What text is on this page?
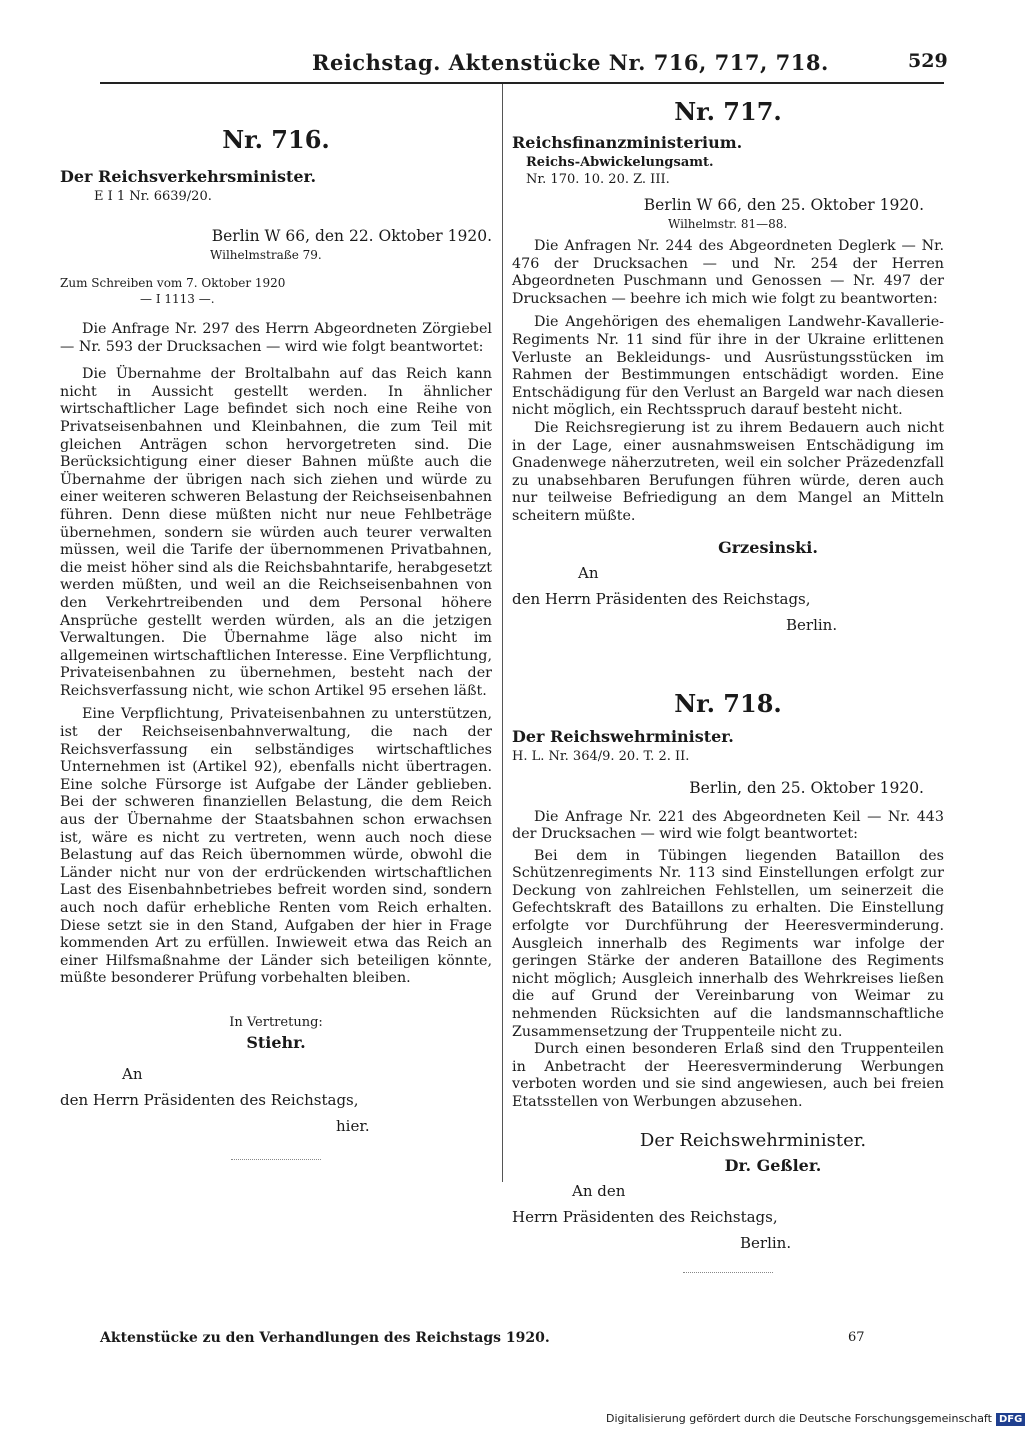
Reichstag. Aktenstücke Nr. 716, 717, 718.	529
Nr. 716.
Der Reichsverkehrsminister.
E I 1 Nr. 6639/20.
Berlin W 66, den 22. Oktober 1920.
Wilhelmstraße 79.
Zum Schreiben vom 7. Oktober 1920
— I 1113 —.

Die Anfrage Nr. 297 des Herrn Abgeordneten Zörgiebel — Nr. 593 der Drucksachen — wird wie folgt beantwortet:

Die Übernahme der Broltalbahn auf das Reich kann nicht in Aussicht gestellt werden. In ähnlicher wirtschaftlicher Lage befindet sich noch eine Reihe von Privatseisenbahnen und Kleinbahnen, die zum Teil mit gleichen Anträgen schon hervorgetreten sind. Die Berücksichtigung einer dieser Bahnen müßte auch die Übernahme der übrigen nach sich ziehen und würde zu einer weiteren schweren Belastung der Reichseisenbahnen führen. Denn diese müßten nicht nur neue Fehlbeträge übernehmen, sondern sie würden auch teurer verwalten müssen, weil die Tarife der übernommenen Privatbahnen, die meist höher sind als die Reichsbahntarife, herabgesetzt werden müßten, und weil an die Reichseisenbahnen von den Verkehrtreibenden und dem Personal höhere Ansprüche gestellt werden würden, als an die jetzigen Verwaltungen. Die Übernahme läge also nicht im allgemeinen wirtschaftlichen Interesse. Eine Verpflichtung, Privateisenbahnen zu übernehmen, besteht nach der Reichsverfassung nicht, wie schon Artikel 95 ersehen läßt.

Eine Verpflichtung, Privateisenbahnen zu unterstützen, ist der Reichseisenbahnverwaltung, die nach der Reichsverfassung ein selbständiges wirtschaftliches Unternehmen ist (Artikel 92), ebenfalls nicht übertragen. Eine solche Fürsorge ist Aufgabe der Länder geblieben. Bei der schweren finanziellen Belastung, die dem Reich aus der Übernahme der Staatsbahnen schon erwachsen ist, wäre es nicht zu vertreten, wenn auch noch diese Belastung auf das Reich übernommen würde, obwohl die Länder nicht nur von der erdrückenden wirtschaftlichen Last des Eisenbahnbetriebes befreit worden sind, sondern auch noch dafür erhebliche Renten vom Reich erhalten. Diese setzt sie in den Stand, Aufgaben der hier in Frage kommenden Art zu erfüllen. Inwieweit etwa das Reich an einer Hilfsmaßnahme der Länder sich beteiligen könnte, müßte besonderer Prüfung vorbehalten bleiben.

In Vertretung:
Stiehr.
An
den Herrn Präsidenten des Reichstags,
hier.
Nr. 717.
Reichsfinanzministerium.
Reichs-Abwickelungsamt.
Nr. 170. 10. 20. Z. III.
Berlin W 66, den 25. Oktober 1920.
Wilhelmstr. 81—88.

Die Anfragen Nr. 244 des Abgeordneten Deglerk — Nr. 476 der Drucksachen — und Nr. 254 der Herren Abgeordneten Puschmann und Genossen — Nr. 497 der Drucksachen — beehre ich mich wie folgt zu beantworten:

Die Angehörigen des ehemaligen Landwehr-Kavallerie-Regiments Nr. 11 sind für ihre in der Ukraine erlittenen Verluste an Bekleidungs- und Ausrüstungsstücken im Rahmen der Bestimmungen entschädigt worden. Eine Entschädigung für den Verlust an Bargeld war nach diesen nicht möglich, ein Rechtsspruch darauf besteht nicht.

Die Reichsregierung ist zu ihrem Bedauern auch nicht in der Lage, einer ausnahmsweisen Entschädigung im Gnadenwege näherzutreten, weil ein solcher Präzedenzfall zu unabsehbaren Berufungen führen würde, deren auch nur teilweise Befriedigung an dem Mangel an Mitteln scheitern müßte.

Grzesinski.
An
den Herrn Präsidenten des Reichstags,
Berlin.
Nr. 718.
Der Reichswehrminister.
H. L. Nr. 364/9. 20. T. 2. II.
Berlin, den 25. Oktober 1920.

Die Anfrage Nr. 221 des Abgeordneten Keil — Nr. 443 der Drucksachen — wird wie folgt beantwortet:

Bei dem in Tübingen liegenden Bataillon des Schützenregiments Nr. 113 sind Einstellungen erfolgt zur Deckung von zahlreichen Fehlstellen, um seinerzeit die Gefechtskraft des Bataillons zu erhalten. Die Einstellung erfolgte vor Durchführung der Heeresverminderung. Ausgleich innerhalb des Regiments war infolge der geringen Stärke der anderen Bataillone des Regiments nicht möglich; Ausgleich innerhalb des Wehrkreises ließen die auf Grund der Vereinbarung von Weimar zu nehmenden Rücksichten auf die landsmannschaftliche Zusammensetzung der Truppenteile nicht zu.

Durch einen besonderen Erlaß sind den Truppenteilen in Anbetracht der Heeresverminderung Werbungen verboten worden und sie sind angewiesen, auch bei freien Etatsstellen von Werbungen abzusehen.

Der Reichswehrminister.
Dr. Geßler.
An den
Herrn Präsidenten des Reichstags,
Berlin.
Aktenstücke zu den Verhandlungen des Reichstags 1920.	67
Digitalisierung gefördert durch die Deutsche Forschungsgemeinschaft DFG
